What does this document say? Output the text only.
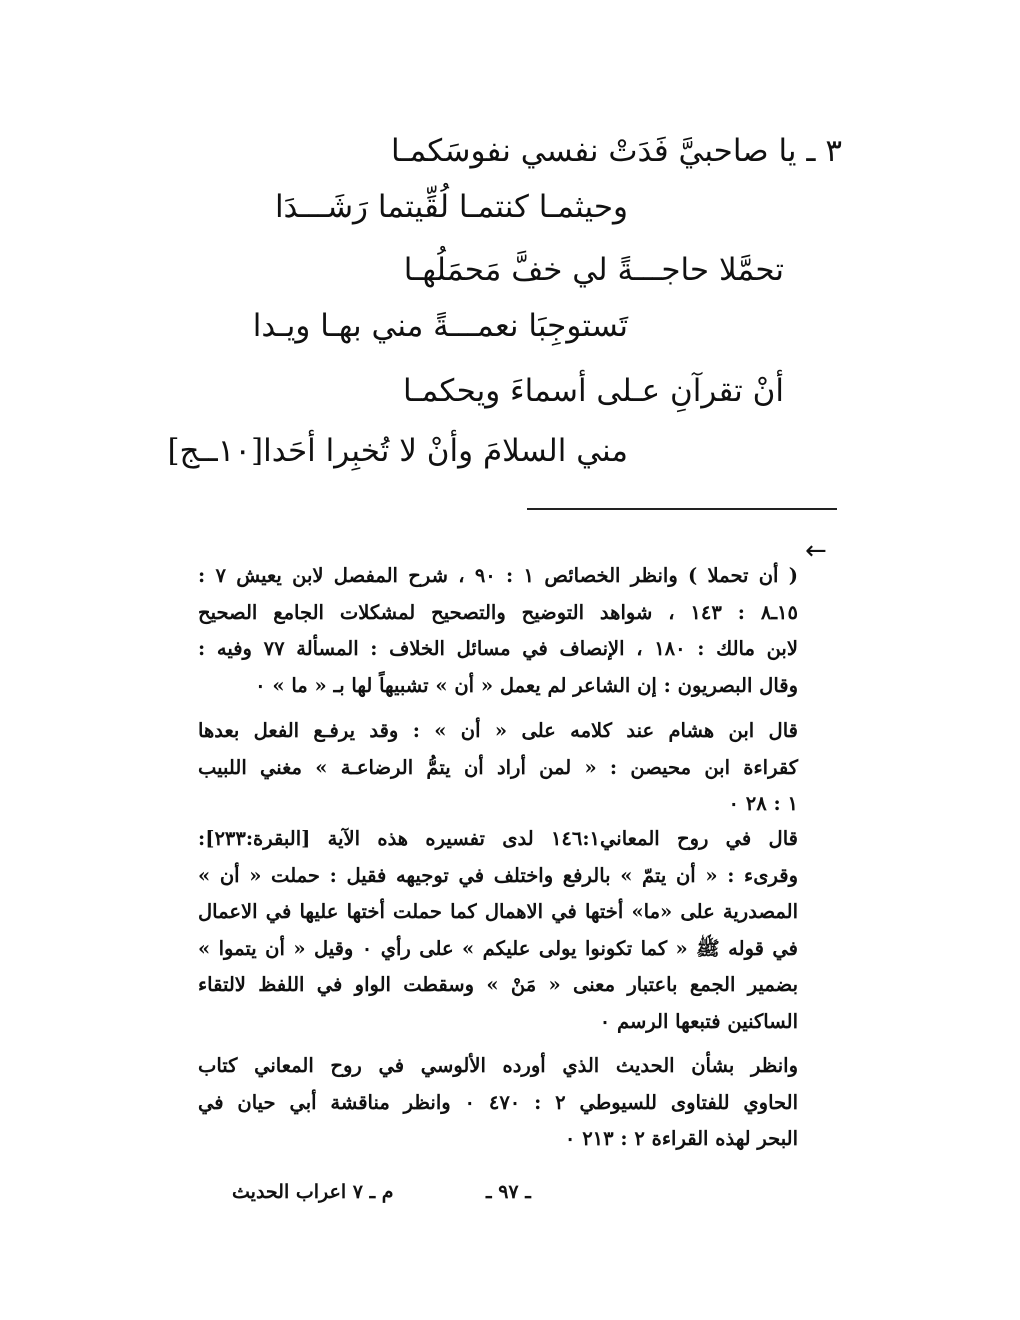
٣ ـ يا صاحبيَّ فَدَتْ نفسي نفوسَكمـا
وحيثمـا كنتمـا لُقِّيتما رَشَـــدَا
تحمَّلا حاجـــةً لي خفَّ مَحمَلُهـا
تَستوجِبَا نعمـــةً مني بهـا ويـدا
أنْ تقرآنِ عـلى أسماءَ ويحكمـا
مني السلامَ وأنْ لا تُخبِرا أحَدا[١٠ــج]
←
( أن تحملا ) وانظر الخصائص ١ : ٩٠ ، شرح المفصل لابن يعيش ٧ :
١٥ـ٨ : ١٤٣ ، شواهد التوضيح والتصحيح لمشكلات الجامع الصحيح
لابن مالك : ١٨٠ ، الإنصاف في مسائل الخلاف : المسألة ٧٧ وفيه :
وقال البصريون : إن الشاعر لم يعمل « أن » تشبيهاً لها بـ « ما » ٠
قال ابن هشام عند كلامه على « أن » : وقد يرفـع الفعل بعدها
كقراءة ابن محيصن : « لمن أراد أن يتمُّ الرضاعـة » مغني اللبيب
١ : ٢٨ ٠
قال في روح المعاني١٤٦:١ لدى تفسيره هذه الآية [البقرة:٢٣٣]:
وقرىء : « أن يتمّ » بالرفع واختلف في توجيهه فقيل : حملت « أن »
المصدرية على «ما» أختها في الاهمال كما حملت أختها عليها في الاعمال
في قوله ﷺ « كما تكونوا يولى عليكم » على رأي ٠ وقيل « أن يتموا »
بضمير الجمع باعتبار معنى « مَنْ » وسقطت الواو في اللفظ لالتقاء
الساكنين فتبعها الرسم ٠
وانظر بشأن الحديث الذي أورده الألوسي في روح المعاني كتاب
الحاوي للفتاوى للسيوطي ٢ : ٤٧٠ ٠ وانظر مناقشة أبي حيان في
البحر لهذه القراءة ٢ : ٢١٣ ٠
ـ ٩٧ ـ
م ـ ٧ اعراب الحديث
